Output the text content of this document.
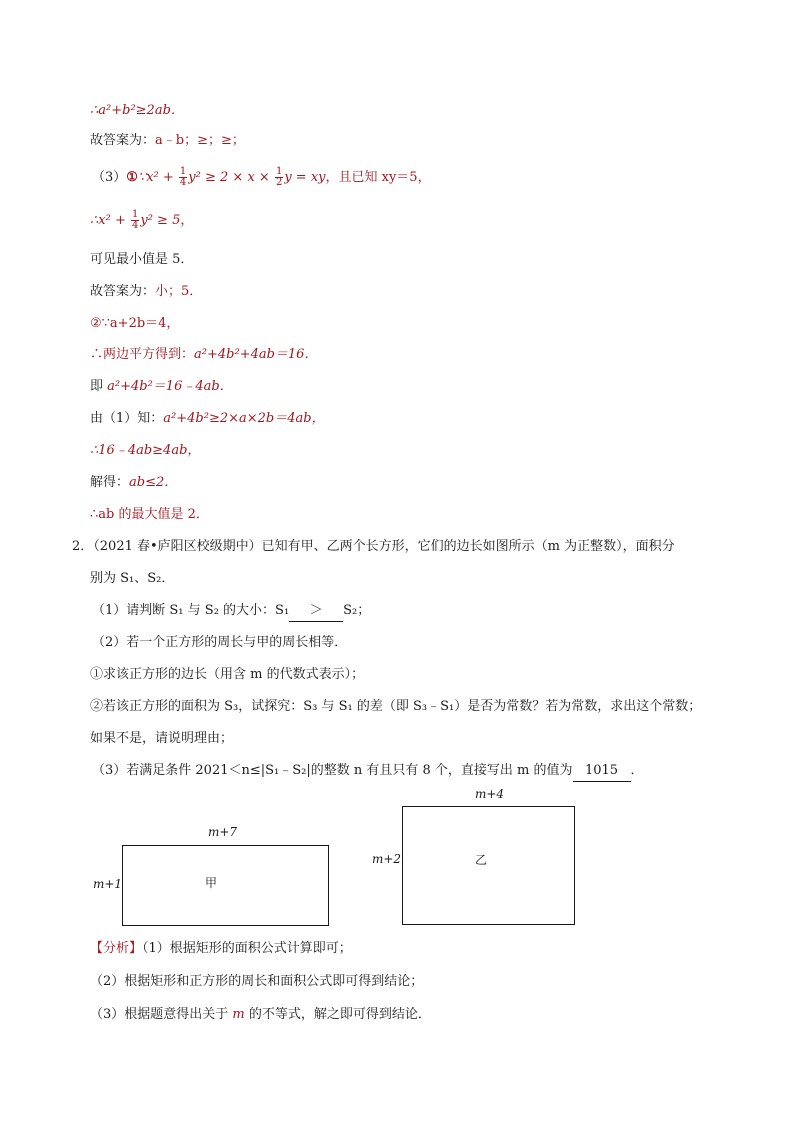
∴a²+b²≥2ab．
故答案为：a﹣b；≥；≥；
（3）①∵x² + $\frac{1}{4} y^2 \ge 2 \times x \times \frac{1}{2}$ y = xy，且已知 xy＝5，
∴x² + $\frac{1}{4} y^2 \ge 5$，
可见最小值是 5．
故答案为：小；5．
②∵a+2b＝4，
∴两边平方得到：a²+4b²+4ab＝16．
即 a²+4b²＝16﹣4ab．
由（1）知：a²+4b²≥2×a×2b＝4ab，
∴16﹣4ab≥4ab，
解得：ab≤2．
∴ab 的最大值是 2．
2．（2021 春•庐阳区校级期中）已知有甲、乙两个长方形，它们的边长如图所示（m 为正整数），面积分
别为 S₁、S₂．
（1）请判断 S₁ 与 S₂ 的大小：S₁ ＞ S₂；
（2）若一个正方形的周长与甲的周长相等．
①求该正方形的边长（用含 m 的代数式表示）；
②若该正方形的面积为 S₃，试探究：S₃ 与 S₁ 的差（即 S₃﹣S₁）是否为常数？若为常数，求出这个常数；
如果不是，请说明理由；
（3）若满足条件 2021＜n≤|S₁﹣S₂|的整数 n 有且只有 8 个，直接写出 m 的值为 1015 ．
m+7
m+1	甲
m+4
m+2	乙
【分析】（1）根据矩形的面积公式计算即可；
（2）根据矩形和正方形的周长和面积公式即可得到结论；
（3）根据题意得出关于 m 的不等式，解之即可得到结论．
